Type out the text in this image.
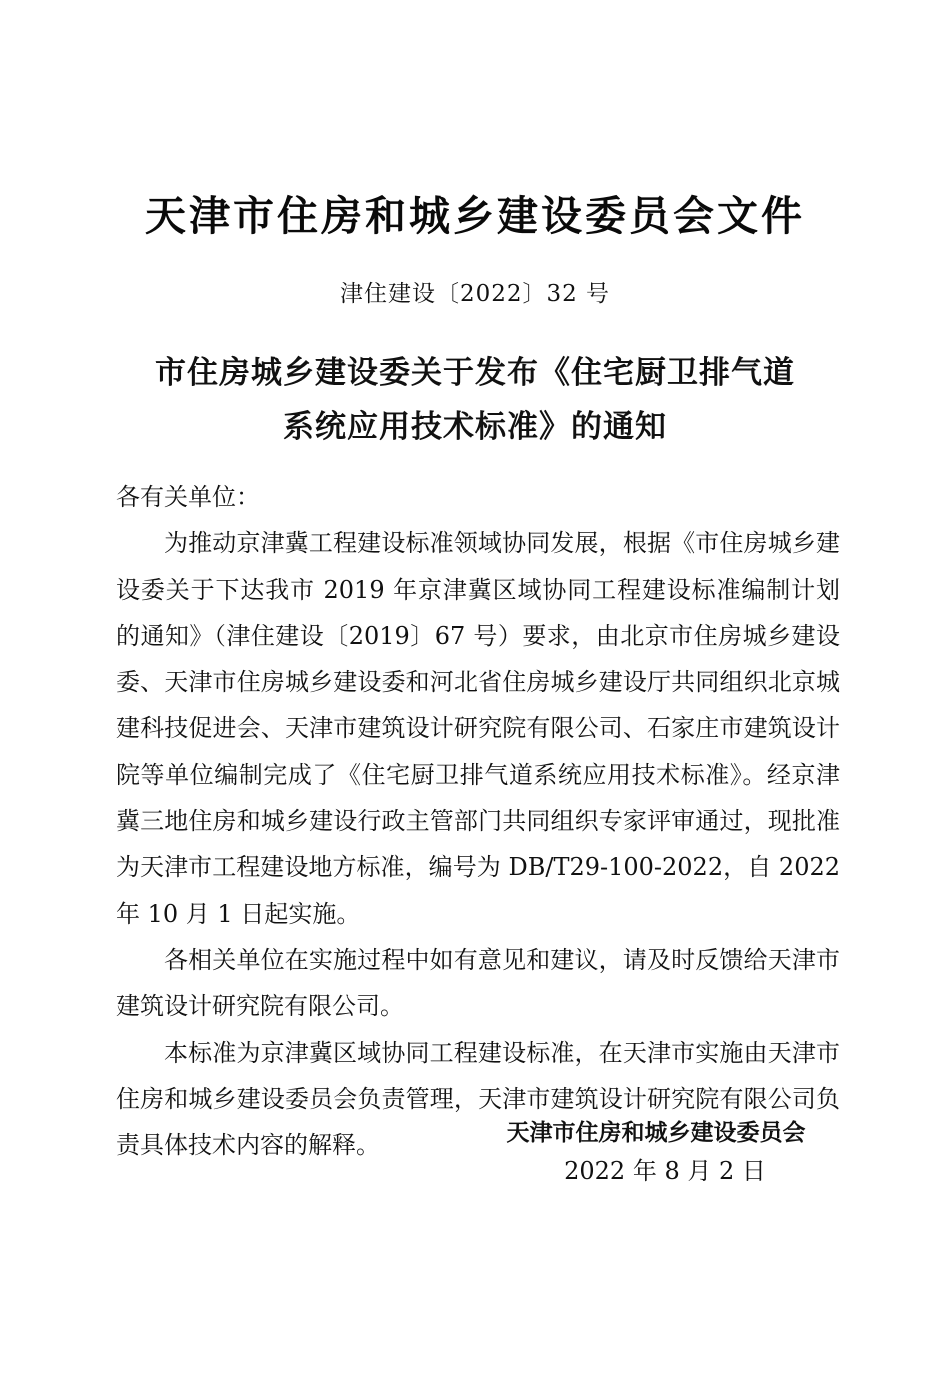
天津市住房和城乡建设委员会文件
津住建设〔2022〕32 号
市住房城乡建设委关于发布《住宅厨卫排气道
系统应用技术标准》的通知

各有关单位：

为推动京津冀工程建设标准领域协同发展，根据《市住房城乡建设委关于下达我市 2019 年京津冀区域协同工程建设标准编制计划的通知》（津住建设〔2019〕67 号）要求，由北京市住房城乡建设委、天津市住房城乡建设委和河北省住房城乡建设厅共同组织北京城建科技促进会、天津市建筑设计研究院有限公司、石家庄市建筑设计院等单位编制完成了《住宅厨卫排气道系统应用技术标准》。经京津冀三地住房和城乡建设行政主管部门共同组织专家评审通过，现批准为天津市工程建设地方标准，编号为 DB/T29-100-2022，自 2022 年 10 月 1 日起实施。

各相关单位在实施过程中如有意见和建议，请及时反馈给天津市建筑设计研究院有限公司。

本标准为京津冀区域协同工程建设标准，在天津市实施由天津市住房和城乡建设委员会负责管理，天津市建筑设计研究院有限公司负责具体技术内容的解释。	天津市住房和城乡建设委员会
2022 年 8 月 2 日
